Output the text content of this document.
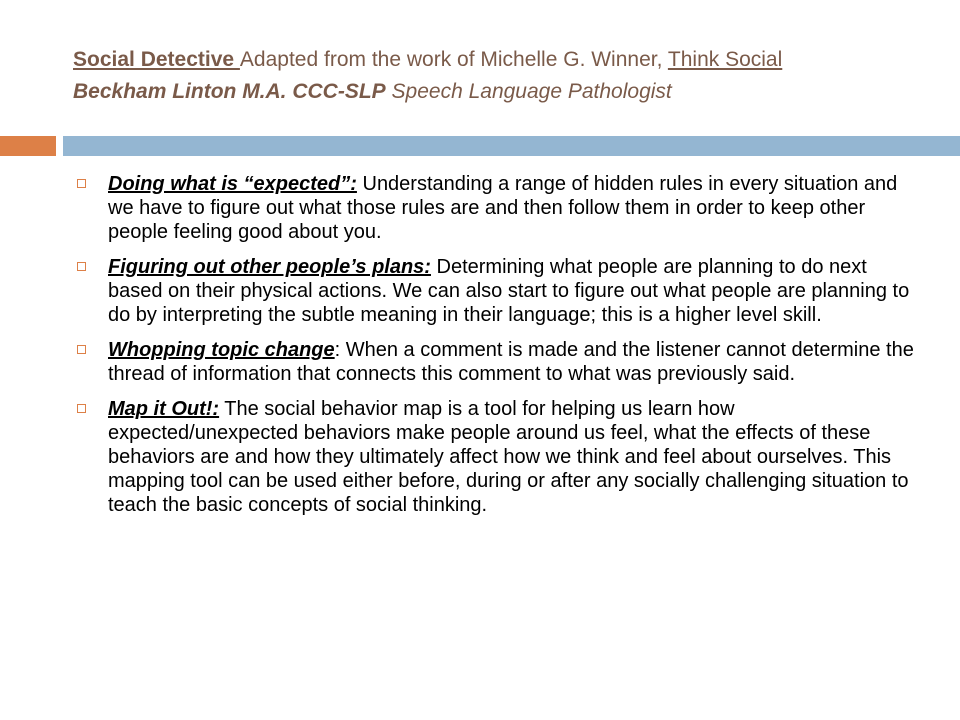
Social Detective Adapted from the work of Michelle G. Winner, Think Social
Beckham Linton M.A. CCC-SLP Speech Language Pathologist
Doing what is “expected”: Understanding a range of hidden rules in every situation and we have to figure out what those rules are and then follow them in order to keep other people feeling good about you.
Figuring out other people’s plans: Determining what people are planning to do next based on their physical actions. We can also start to figure out what people are planning to do by interpreting the subtle meaning in their language; this is a higher level skill.
Whopping topic change: When a comment is made and the listener cannot determine the thread of information that connects this comment to what was previously said.
Map it Out!: The social behavior map is a tool for helping us learn how expected/unexpected behaviors make people around us feel, what the effects of these behaviors are and how they ultimately affect how we think and feel about ourselves. This mapping tool can be used either before, during or after any socially challenging situation to teach the basic concepts of social thinking.
